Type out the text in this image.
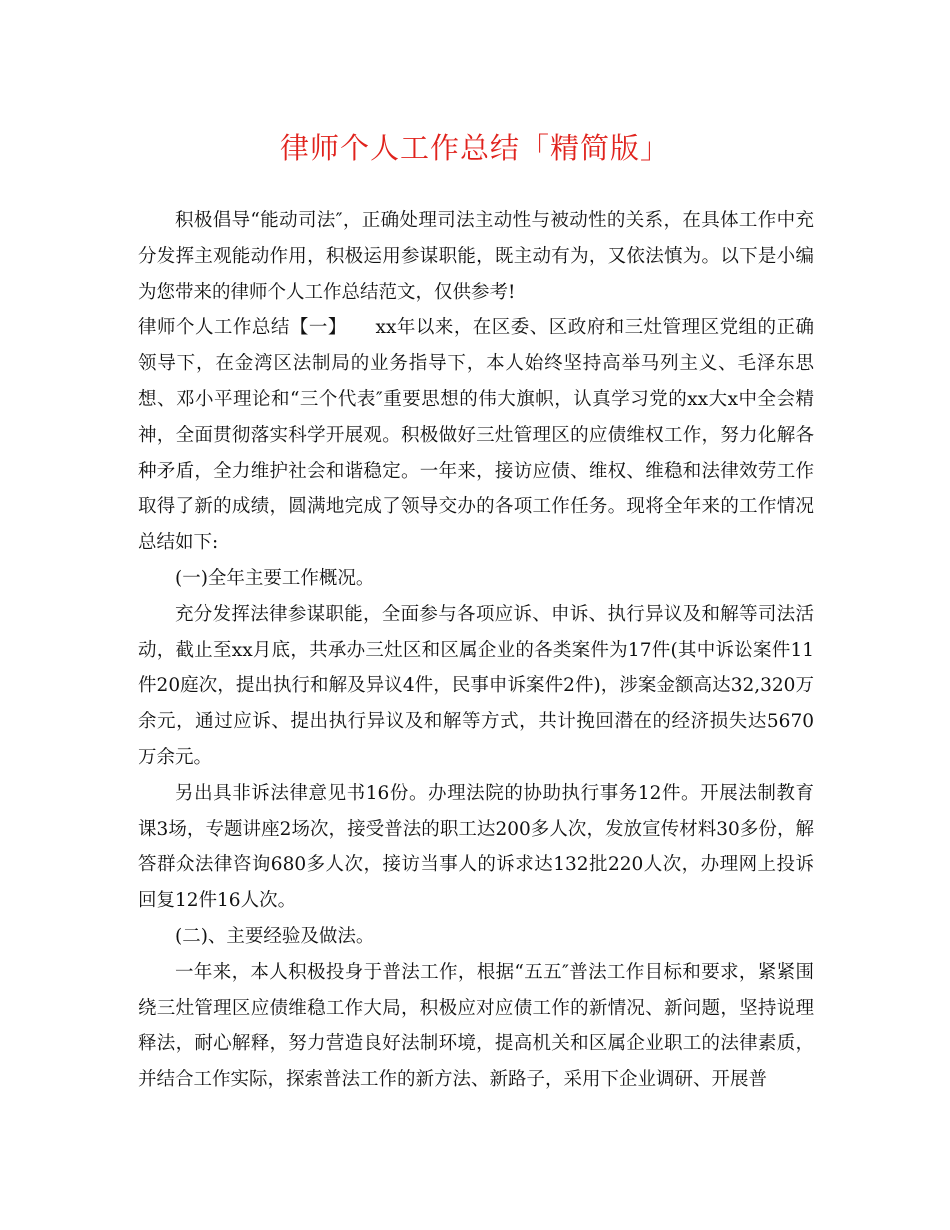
律师个人工作总结「精简版」

积极倡导“能动司法″，正确处理司法主动性与被动性的关系，在具体工作中充分发挥主观能动作用，积极运用参谋职能，既主动有为，又依法慎为。以下是小编为您带来的律师个人工作总结范文，仅供参考!

律师个人工作总结【一】　　xx年以来，在区委、区政府和三灶管理区党组的正确领导下，在金湾区法制局的业务指导下，本人始终坚持高举马列主义、毛泽东思想、邓小平理论和“三个代表″重要思想的伟大旗帜，认真学习党的xx大x中全会精神，全面贯彻落实科学开展观。积极做好三灶管理区的应债维权工作，努力化解各种矛盾，全力维护社会和谐稳定。一年来，接访应债、维权、维稳和法律效劳工作取得了新的成绩，圆满地完成了领导交办的各项工作任务。现将全年来的工作情况总结如下:

(一)全年主要工作概况。

充分发挥法律参谋职能，全面参与各项应诉、申诉、执行异议及和解等司法活动，截止至xx月底，共承办三灶区和区属企业的各类案件为17件(其中诉讼案件11件20庭次，提出执行和解及异议4件，民事申诉案件2件)，涉案金额高达32,320万余元，通过应诉、提出执行异议及和解等方式，共计挽回潜在的经济损失达5670万余元。

另出具非诉法律意见书16份。办理法院的协助执行事务12件。开展法制教育课3场，专题讲座2场次，接受普法的职工达200多人次，发放宣传材料30多份，解答群众法律咨询680多人次，接访当事人的诉求达132批220人次，办理网上投诉回复12件16人次。

(二)、主要经验及做法。

一年来，本人积极投身于普法工作，根据“五五″普法工作目标和要求，紧紧围绕三灶管理区应债维稳工作大局，积极应对应债工作的新情况、新问题，坚持说理释法，耐心解释，努力营造良好法制环境，提高机关和区属企业职工的法律素质，并结合工作实际，探索普法工作的新方法、新路子，采用下企业调研、开展普
